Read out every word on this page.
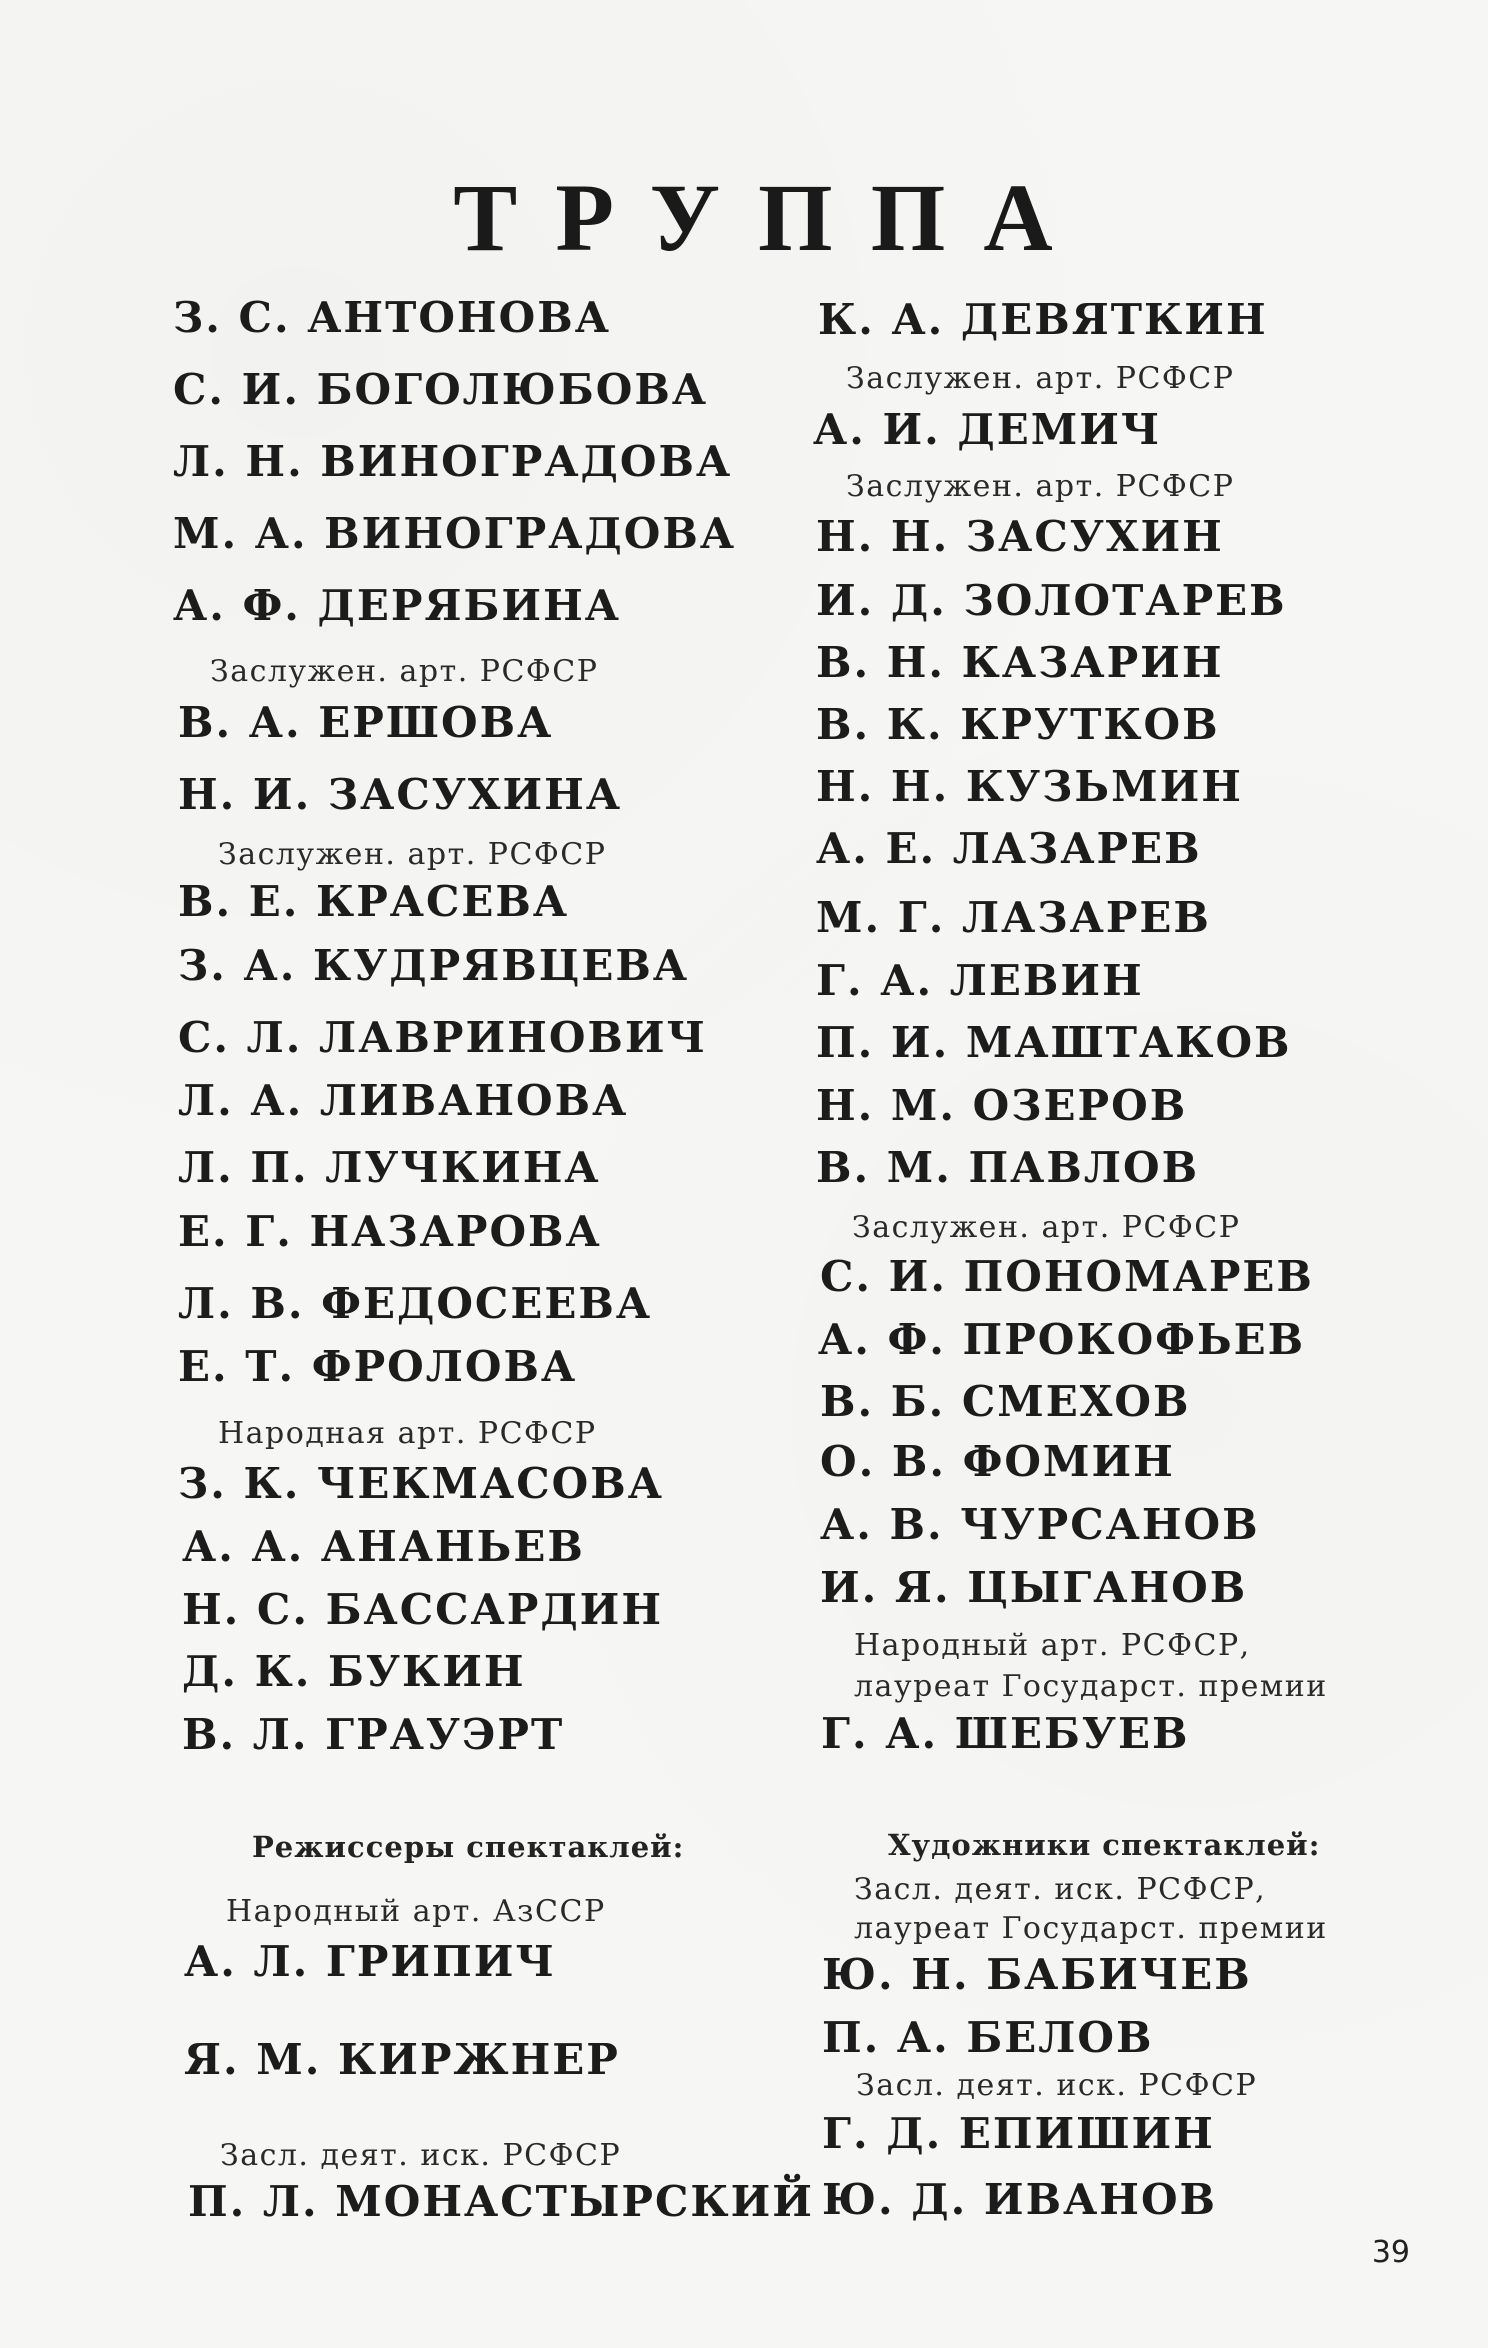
ТРУППА
З. С. АНТОНОВА
С. И. БОГОЛЮБОВА
Л. Н. ВИНОГРАДОВА
М. А. ВИНОГРАДОВА
А. Ф. ДЕРЯБИНА
Заслужен. арт. РСФСР
В. А. ЕРШОВА
Н. И. ЗАСУХИНА
Заслужен. арт. РСФСР
В. Е. КРАСЕВА
З. А. КУДРЯВЦЕВА
С. Л. ЛАВРИНОВИЧ
Л. А. ЛИВАНОВА
Л. П. ЛУЧКИНА
Е. Г. НАЗАРОВА
Л. В. ФЕДОСЕЕВА
Е. Т. ФРОЛОВА
Народная арт. РСФСР
З. К. ЧЕКМАСОВА
А. А. АНАНЬЕВ
Н. С. БАССАРДИН
Д. К. БУКИН
В. Л. ГРАУЭРТ
Режиссеры спектаклей:
Народный арт. АзССР
А. Л. ГРИПИЧ
Я. М. КИРЖНЕР
Засл. деят. иск. РСФСР
П. Л. МОНАСТЫРСКИЙ
К. А. ДЕВЯТКИН
Заслужен. арт. РСФСР
А. И. ДЕМИЧ
Заслужен. арт. РСФСР
Н. Н. ЗАСУХИН
И. Д. ЗОЛОТАРЕВ
В. Н. КАЗАРИН
В. К. КРУТКОВ
Н. Н. КУЗЬМИН
А. Е. ЛАЗАРЕВ
М. Г. ЛАЗАРЕВ
Г. А. ЛЕВИН
П. И. МАШТАКОВ
Н. М. ОЗЕРОВ
В. М. ПАВЛОВ
Заслужен. арт. РСФСР
С. И. ПОНОМАРЕВ
А. Ф. ПРОКОФЬЕВ
В. Б. СМЕХОВ
О. В. ФОМИН
А. В. ЧУРСАНОВ
И. Я. ЦЫГАНОВ
Народный арт. РСФСР,
лауреат Государст. премии
Г. А. ШЕБУЕВ
Художники спектаклей:
Засл. деят. иск. РСФСР,
лауреат Государст. премии
Ю. Н. БАБИЧЕВ
П. А. БЕЛОВ
Засл. деят. иск. РСФСР
Г. Д. ЕПИШИН
Ю. Д. ИВАНОВ
39
